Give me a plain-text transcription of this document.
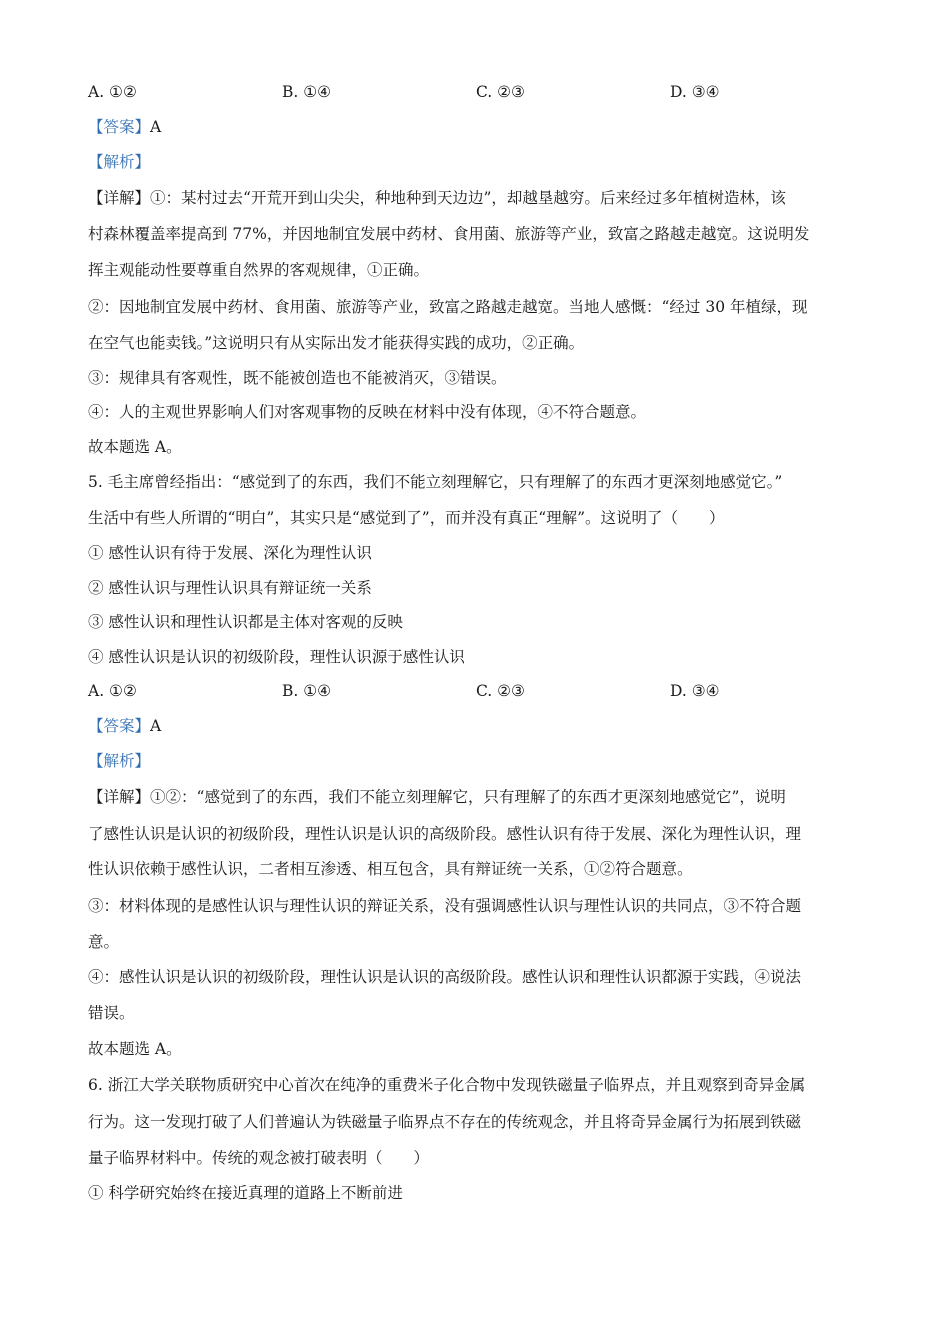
A. ①②	B. ①④	C. ②③	D. ③④
【答案】A
【解析】
【详解】①：某村过去“开荒开到山尖尖，种地种到天边边”，却越垦越穷。后来经过多年植树造林，该
村森林覆盖率提高到 77%，并因地制宜发展中药材、食用菌、旅游等产业，致富之路越走越宽。这说明发
挥主观能动性要尊重自然界的客观规律，①正确。
②：因地制宜发展中药材、食用菌、旅游等产业，致富之路越走越宽。当地人感慨：“经过 30 年植绿，现
在空气也能卖钱。”这说明只有从实际出发才能获得实践的成功，②正确。
③：规律具有客观性，既不能被创造也不能被消灭，③错误。
④：人的主观世界影响人们对客观事物的反映在材料中没有体现，④不符合题意。
故本题选 A。
5. 毛主席曾经指出：“感觉到了的东西，我们不能立刻理解它，只有理解了的东西才更深刻地感觉它。”
生活中有些人所谓的“明白”，其实只是“感觉到了”，而并没有真正“理解”。这说明了（　　）
① 感性认识有待于发展、深化为理性认识
② 感性认识与理性认识具有辩证统一关系
③ 感性认识和理性认识都是主体对客观的反映
④ 感性认识是认识的初级阶段，理性认识源于感性认识
A. ①②	B. ①④	C. ②③	D. ③④
【答案】A
【解析】
【详解】①②：“感觉到了的东西，我们不能立刻理解它，只有理解了的东西才更深刻地感觉它”，说明
了感性认识是认识的初级阶段，理性认识是认识的高级阶段。感性认识有待于发展、深化为理性认识，理
性认识依赖于感性认识，二者相互渗透、相互包含，具有辩证统一关系，①②符合题意。
③：材料体现的是感性认识与理性认识的辩证关系，没有强调感性认识与理性认识的共同点，③不符合题
意。
④：感性认识是认识的初级阶段，理性认识是认识的高级阶段。感性认识和理性认识都源于实践，④说法
错误。
故本题选 A。
6. 浙江大学关联物质研究中心首次在纯净的重费米子化合物中发现铁磁量子临界点，并且观察到奇异金属
行为。这一发现打破了人们普遍认为铁磁量子临界点不存在的传统观念，并且将奇异金属行为拓展到铁磁
量子临界材料中。传统的观念被打破表明（　　）
① 科学研究始终在接近真理的道路上不断前进
